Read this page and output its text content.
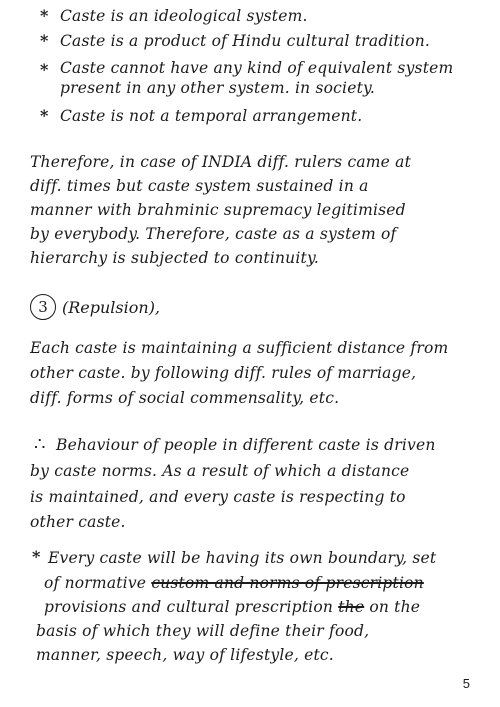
* Caste is an ideological system.
* Caste is a product of Hindu cultural tradition.
* Caste cannot have any kind of equivalent system
present in any other system. in society.
* Caste is not a temporal arrangement.
Therefore, in case of INDIA diff. rulers came at
diff. times but caste system sustained in a
manner with brahminic supremacy legitimised
by everybody. Therefore, caste as a system of
hierarchy is subjected to continuity.
3 (Repulsion),
Each caste is maintaining a sufficient distance from
other caste. by following diff. rules of marriage,
diff. forms of social commensality, etc.
∴ Behaviour of people in different caste is driven
by caste norms. As a result of which a distance
is maintained, and every caste is respecting to
other caste.
* Every caste will be having its own boundary, set
of normative custom and norms of prescription
provisions and cultural prescription the on the
basis of which they will define their food,
manner, speech, way of lifestyle, etc.
5
